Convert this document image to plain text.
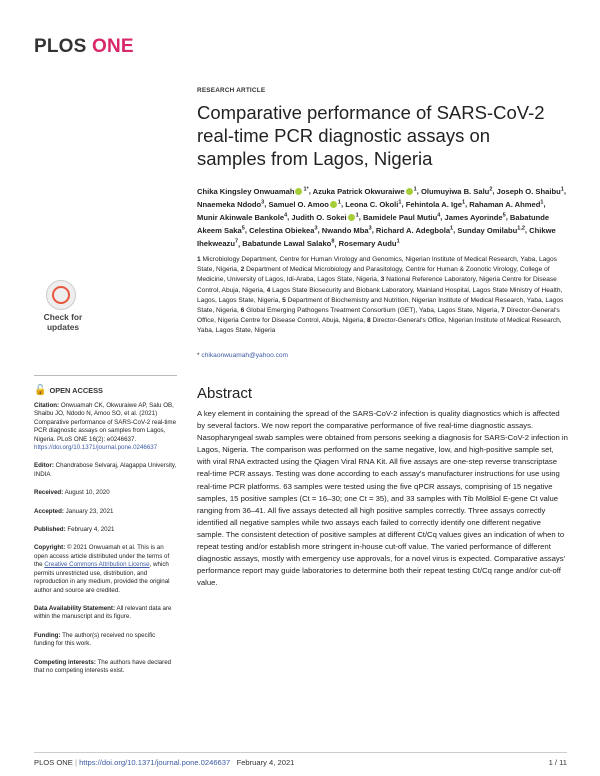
PLOS ONE
RESEARCH ARTICLE
Comparative performance of SARS-CoV-2 real-time PCR diagnostic assays on samples from Lagos, Nigeria
Chika Kingsley Onwuamah $^{1*}$, Azuka Patrick Okwuraiwe $^1$, Olumuyiwa B. Salu$^2$, Joseph O. Shaibu$^1$, Nnaemeka Ndodo$^3$, Samuel O. Amoo $^1$, Leona C. Okoli$^1$, Fehintola A. Ige$^1$, Rahaman A. Ahmed$^1$, Munir Akinwale Bankole$^4$, Judith O. Sokei $^1$, Bamidele Paul Mutiu$^4$, James Ayorinde$^5$, Babatunde Akeem Saka$^5$, Celestina Obiekea$^3$, Nwando Mba$^3$, Richard A. Adegbola$^1$, Sunday Omilabu$^{1,2}$, Chikwe Ihekweazu$^7$, Babatunde Lawal Salako$^8$, Rosemary Audu$^1$
1 Microbiology Department, Centre for Human Virology and Genomics, Nigerian Institute of Medical Research, Yaba, Lagos State, Nigeria, 2 Department of Medical Microbiology and Parasitology, Centre for Human & Zoonotic Virology, College of Medicine, University of Lagos, Idi-Araba, Lagos State, Nigeria, 3 National Reference Laboratory, Nigeria Centre for Disease Control, Abuja, Nigeria, 4 Lagos State Biosecurity and Biobank Laboratory, Mainland Hospital, Lagos State Ministry of Health, Lagos, Lagos State, Nigeria, 5 Department of Biochemistry and Nutrition, Nigerian Institute of Medical Research, Yaba, Lagos State, Nigeria, 6 Global Emerging Pathogens Treatment Consortium (GET), Yaba, Lagos State, Nigeria, 7 Director-General's Office, Nigeria Centre for Disease Control, Abuja, Nigeria, 8 Director-General's Office, Nigerian Institute of Medical Research, Yaba, Lagos State, Nigeria
* chikaonwuamah@yahoo.com
Abstract

A key element in containing the spread of the SARS-CoV-2 infection is quality diagnostics which is affected by several factors. We now report the comparative performance of five real-time diagnostic assays. Nasopharyngeal swab samples were obtained from persons seeking a diagnosis for SARS-CoV-2 infection in Lagos, Nigeria. The comparison was performed on the same negative, low, and high-positive sample set, with viral RNA extracted using the Qiagen Viral RNA Kit. All five assays are one-step reverse transcriptase real-time PCR assays. Testing was done according to each assay's manufacturer instructions for use using real-time PCR platforms. 63 samples were tested using the five qPCR assays, comprising of 15 negative samples, 15 positive samples (Ct = 16–30; one Ct = 35), and 33 samples with Tib MolBiol E-gene Ct value ranging from 36–41. All five assays detected all high positive samples correctly. Three assays correctly identified all negative samples while two assays each failed to correctly identify one different negative sample. The consistent detection of positive samples at different Ct/Cq values gives an indication of when to repeat testing and/or establish more stringent in-house cut-off value. The varied performance of different diagnostic assays, mostly with emergency use approvals, for a novel virus is expected. Comparative assays' performance report may guide laboratories to determine both their repeat testing Ct/Cq range and/or cut-off value.

Check for
updates
🔓 OPEN ACCESS

Citation: Onwuamah CK, Okwuraiwe AP, Salu OB, Shaibu JO, Ndodo N, Amoo SO, et al. (2021) Comparative performance of SARS-CoV-2 real-time PCR diagnostic assays on samples from Lagos, Nigeria. PLoS ONE 16(2): e0246637. https://doi.org/10.1371/journal.pone.0246637

Editor: Chandrabose Selvaraj, Alagappa University, INDIA

Received: August 10, 2020

Accepted: January 23, 2021

Published: February 4, 2021

Copyright: © 2021 Onwuamah et al. This is an open access article distributed under the terms of the Creative Commons Attribution License, which permits unrestricted use, distribution, and reproduction in any medium, provided the original author and source are credited.

Data Availability Statement: All relevant data are within the manuscript and its figure.

Funding: The author(s) received no specific funding for this work.

Competing interests: The authors have declared that no competing interests exist.

PLOS ONE | https://doi.org/10.1371/journal.pone.0246637 February 4, 2021	1 / 11
